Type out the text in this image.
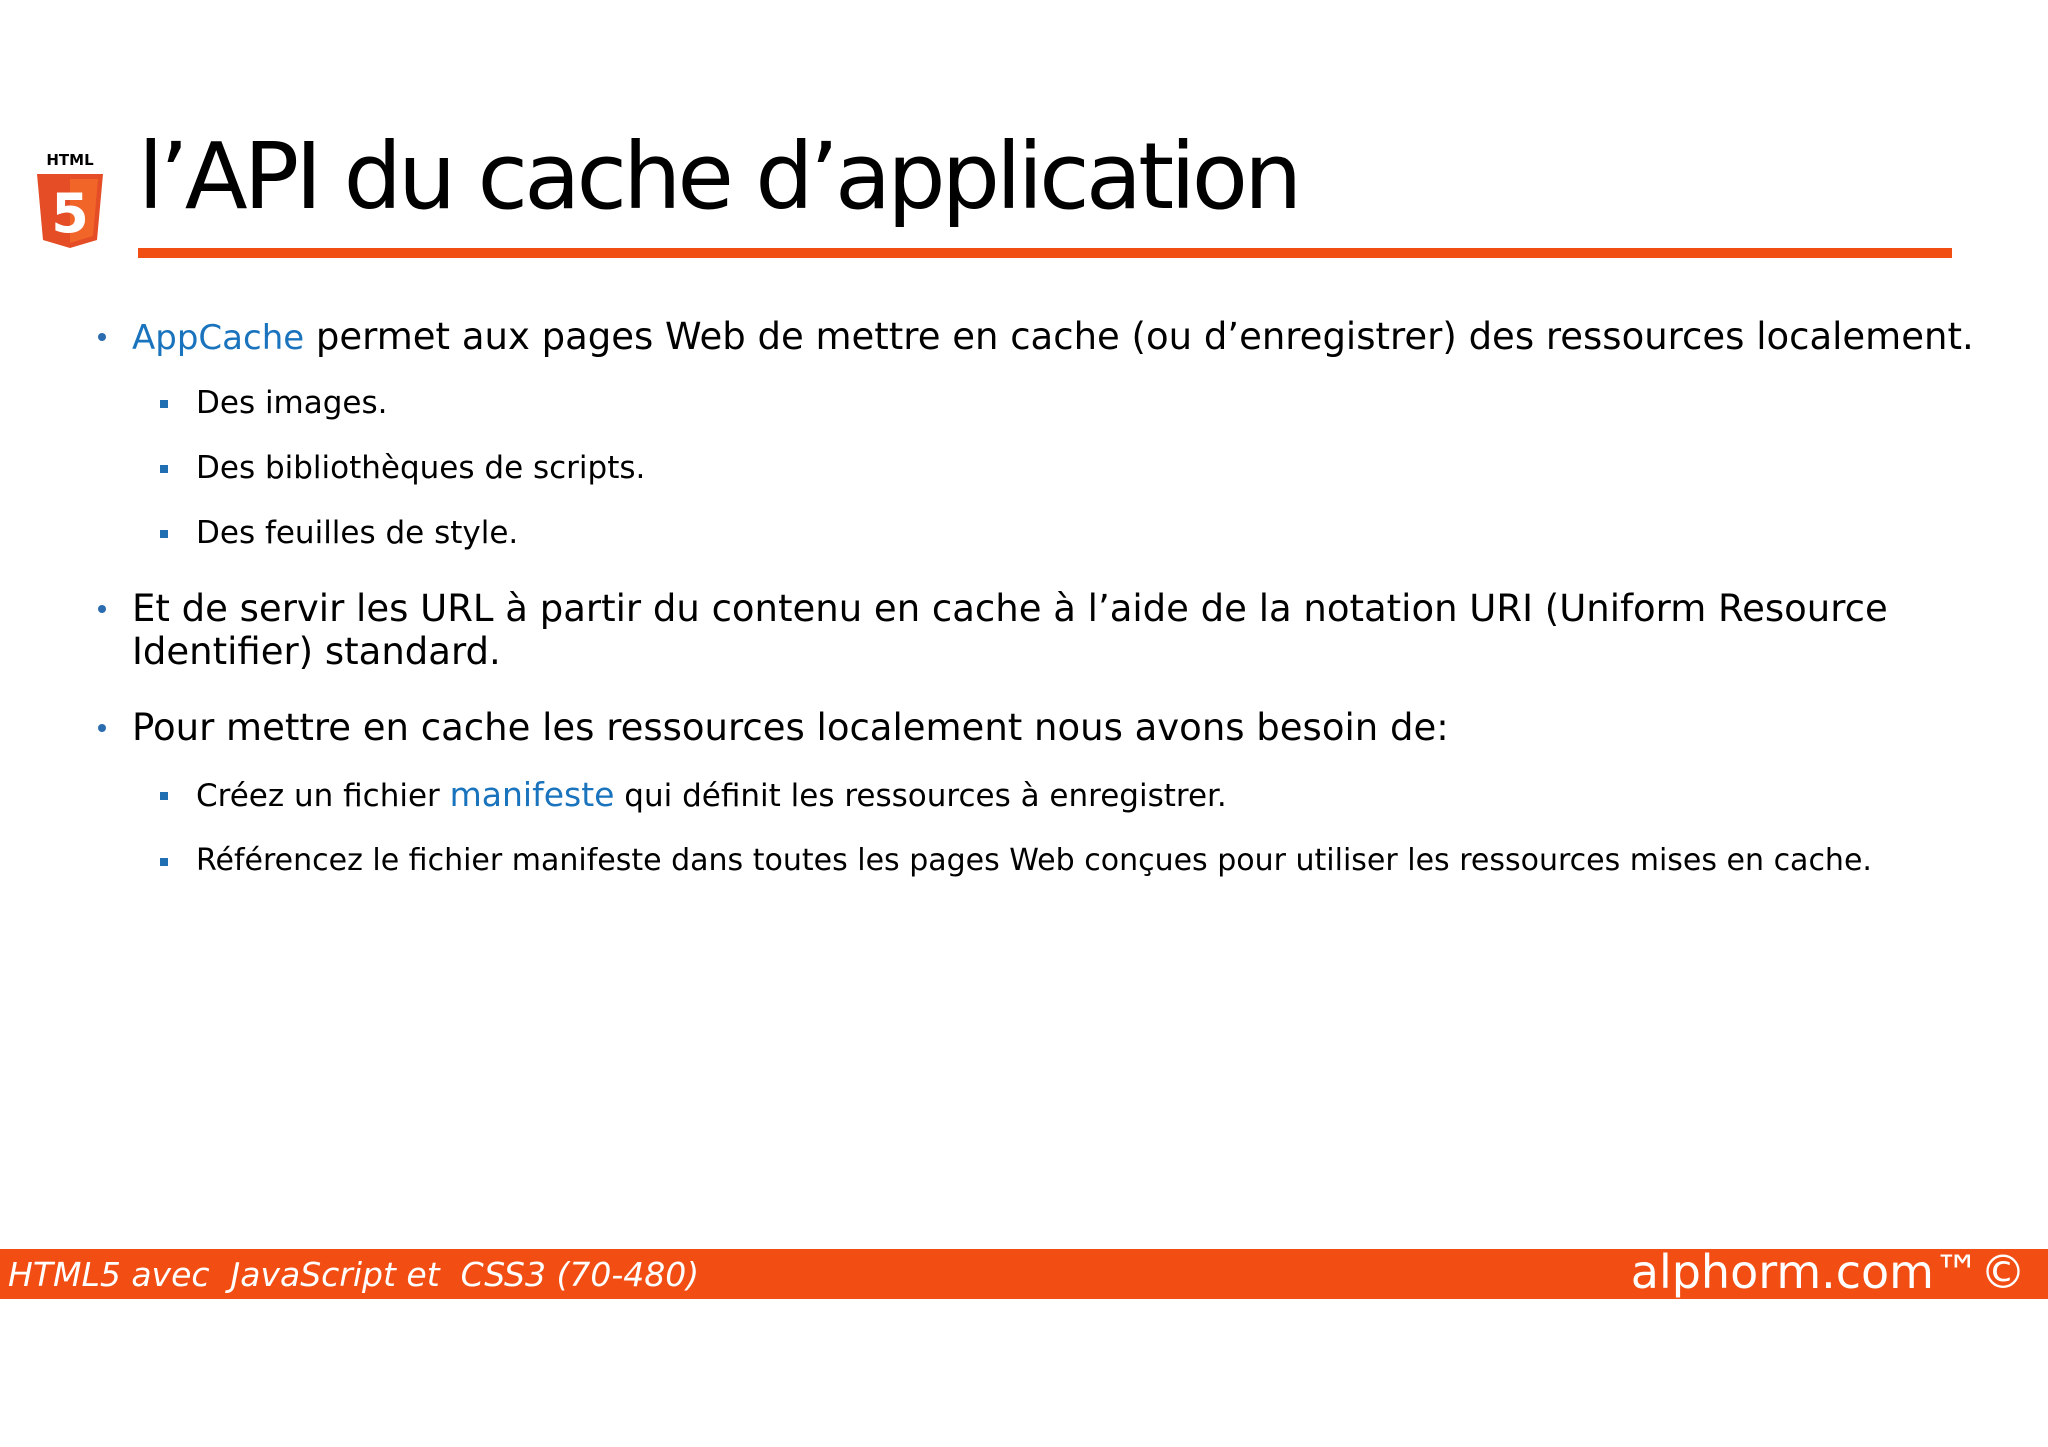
HTML
5 l’API du cache d’application
AppCache permet aux pages Web de mettre en cache (ou d’enregistrer) des ressources localement.
Des images.
Des bibliothèques de scripts.
Des feuilles de style.
Et de servir les URL à partir du contenu en cache à l’aide de la notation URI (Uniform Resource
Identifier) standard.
Pour mettre en cache les ressources localement nous avons besoin de:
Créez un fichier manifeste qui définit les ressources à enregistrer.
Référencez le fichier manifeste dans toutes les pages Web conçues pour utiliser les ressources mises en cache.
HTML5 avec  JavaScript et  CSS3 (70-480)	alphorm.com™©
